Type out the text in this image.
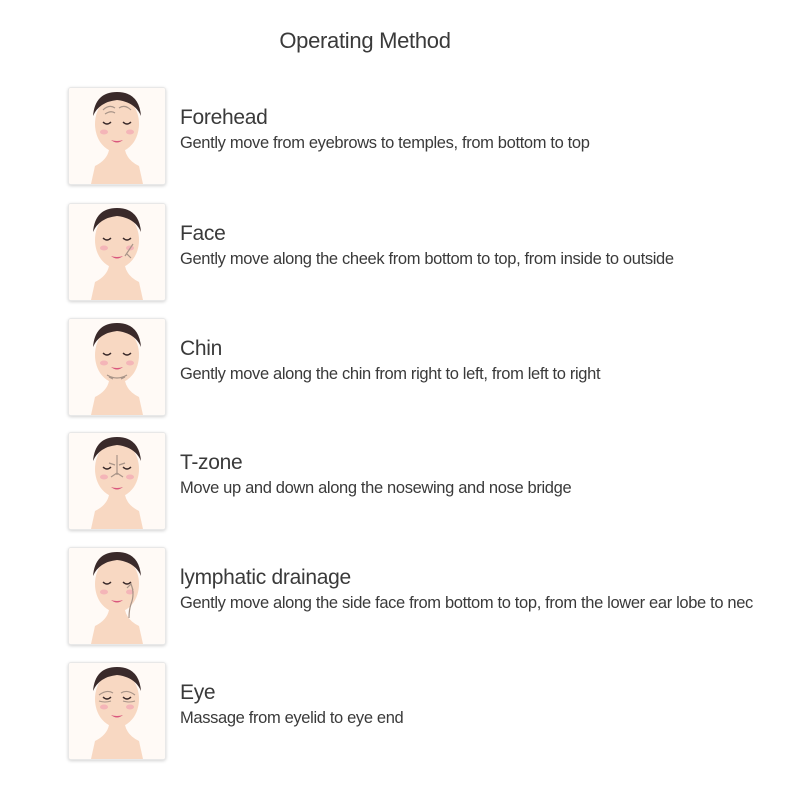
Operating Method
Forehead
Gently move from eyebrows to temples, from bottom to top
Face
Gently move along the cheek from bottom to top, from inside to outside
Chin
Gently move along the chin from right to left, from left to right
T-zone
Move up and down along the nosewing and nose bridge
lymphatic drainage
Gently move along the side face from bottom to top, from the lower ear lobe to nec
Eye
Massage from eyelid to eye end
